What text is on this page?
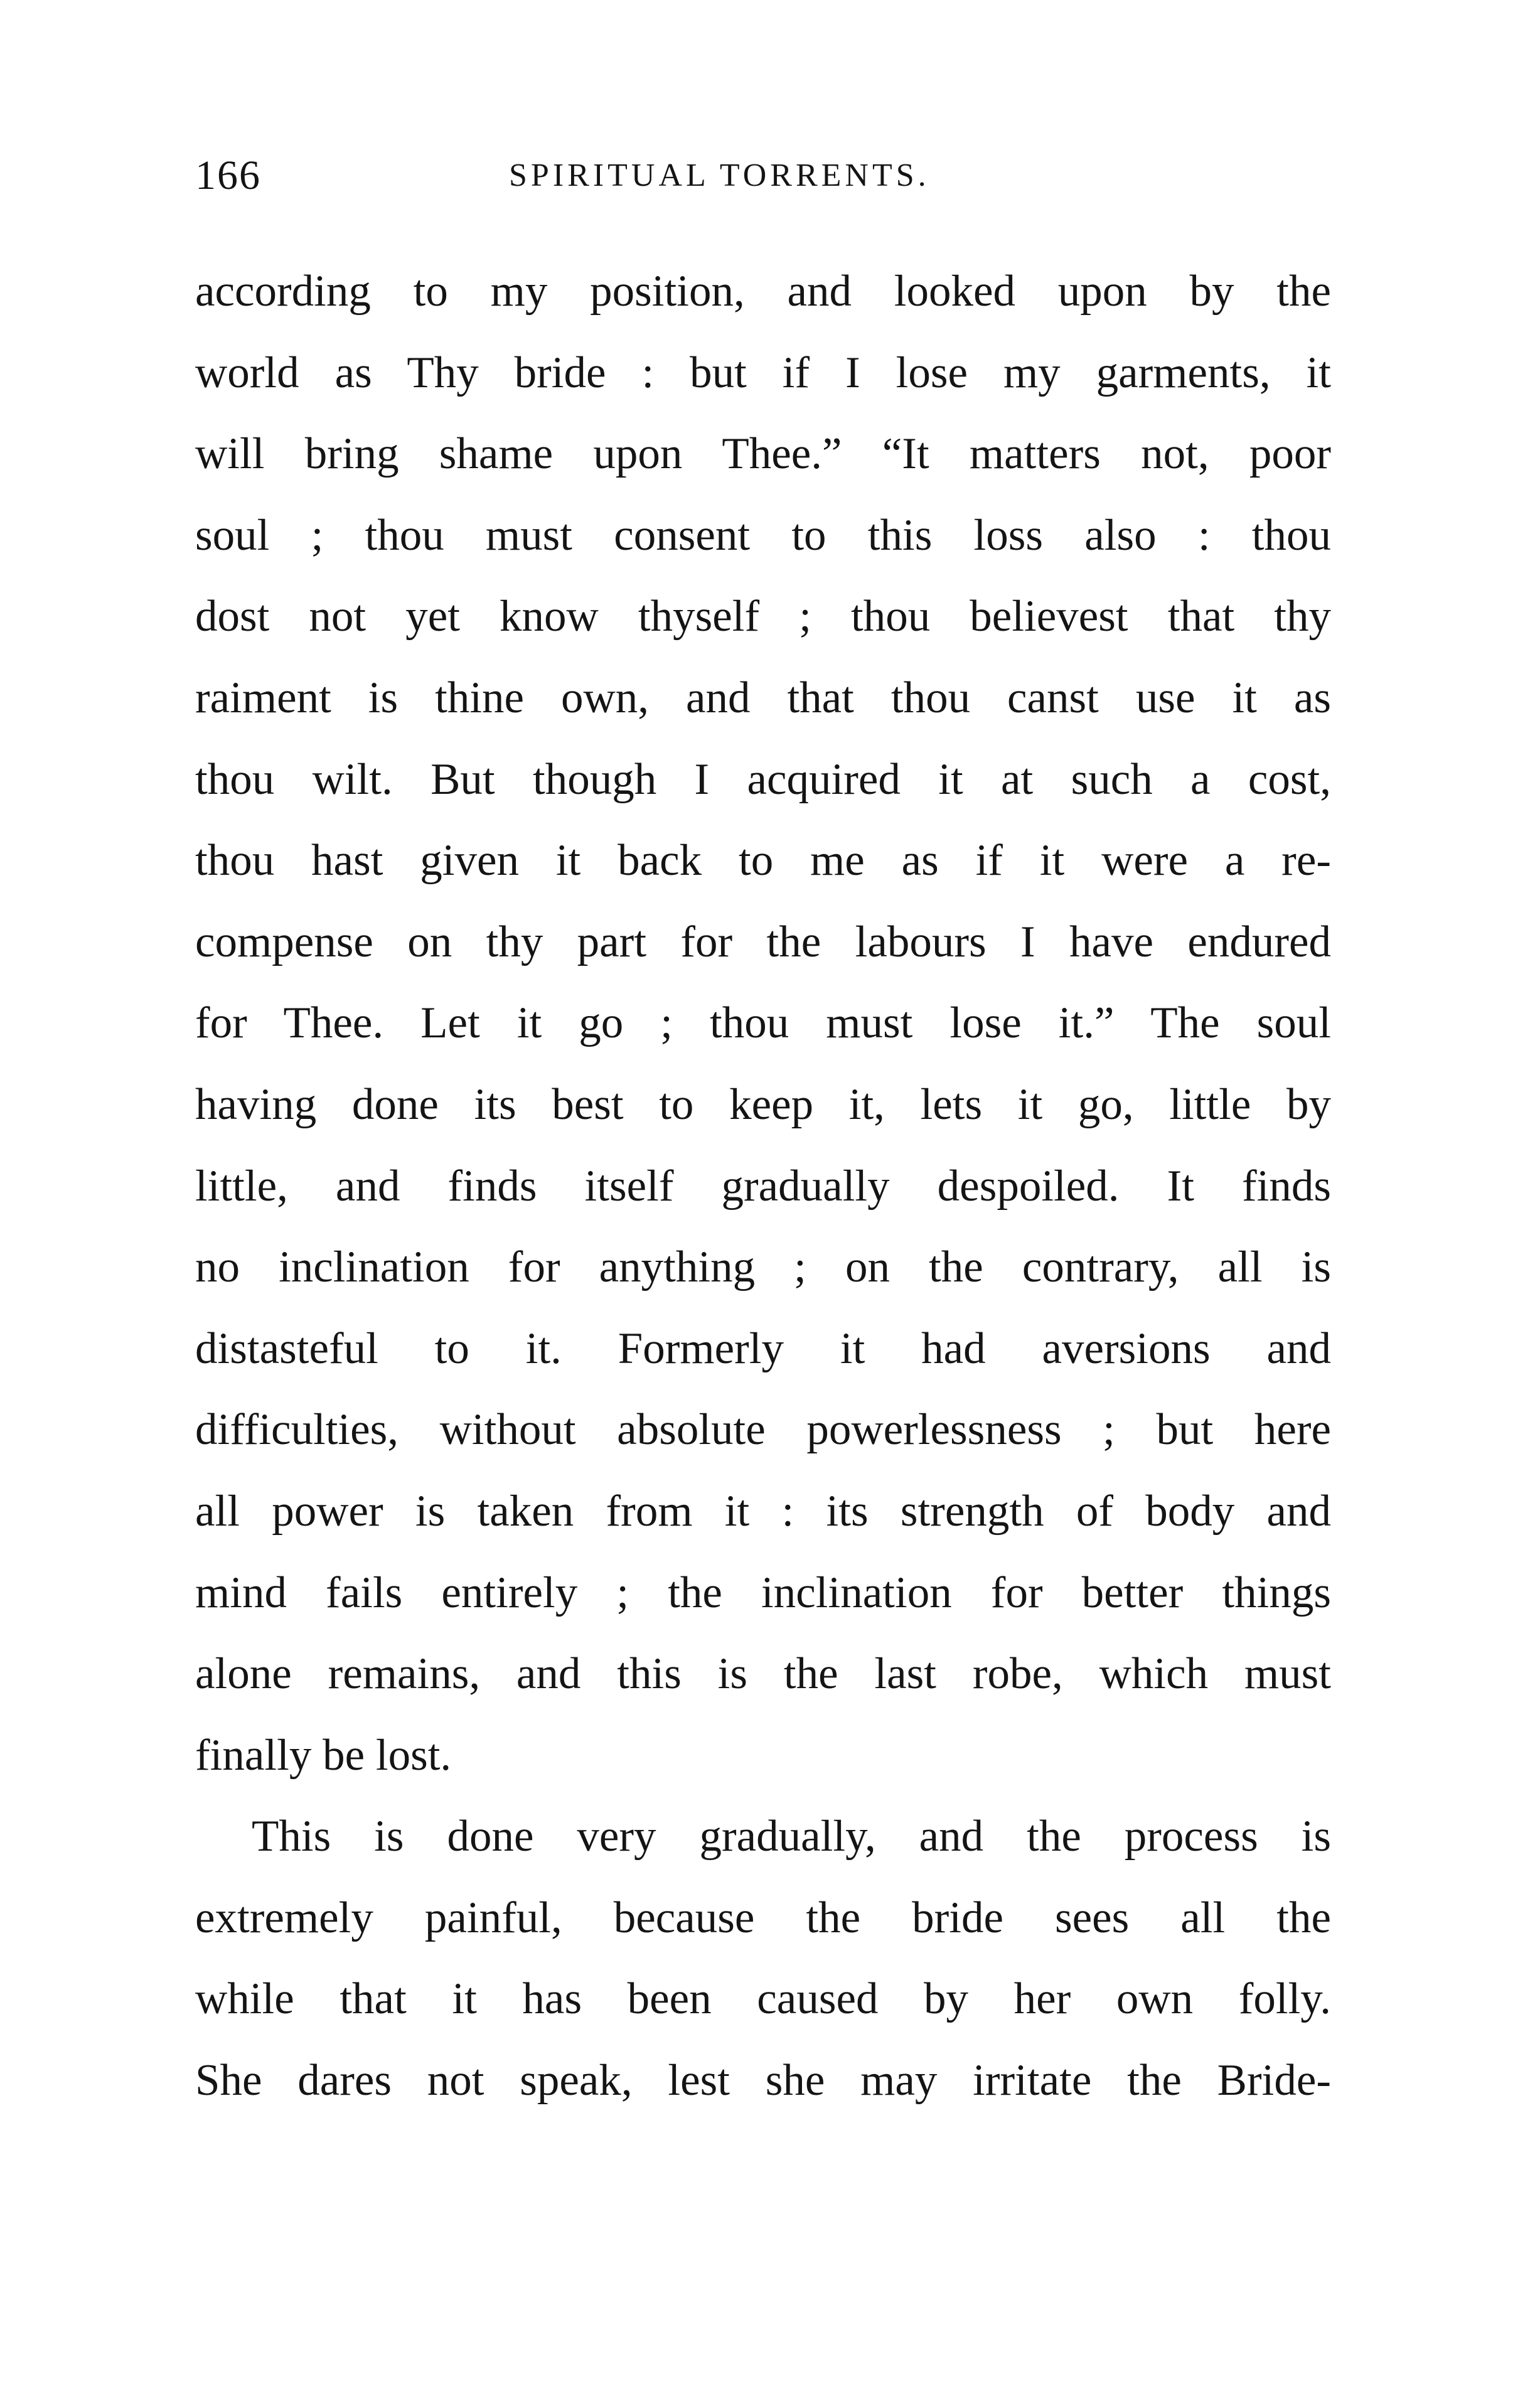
166	SPIRITUAL TORRENTS.
according to my position, and looked upon by the
world as Thy bride : but if I lose my garments, it
will bring shame upon Thee.” “It matters not, poor
soul ; thou must consent to this loss also : thou
dost not yet know thyself ; thou believest that thy
raiment is thine own, and that thou canst use it as
thou wilt. But though I acquired it at such a cost,
thou hast given it back to me as if it were a re-
compense on thy part for the labours I have endured
for Thee. Let it go ; thou must lose it.” The soul
having done its best to keep it, lets it go, little by
little, and finds itself gradually despoiled. It finds
no inclination for anything ; on the contrary, all is
distasteful to it. Formerly it had aversions and
difficulties, without absolute powerlessness ; but here
all power is taken from it : its strength of body and
mind fails entirely ; the inclination for better things
alone remains, and this is the last robe, which must
finally be lost.
This is done very gradually, and the process is
extremely painful, because the bride sees all the
while that it has been caused by her own folly.
She dares not speak, lest she may irritate the Bride-
